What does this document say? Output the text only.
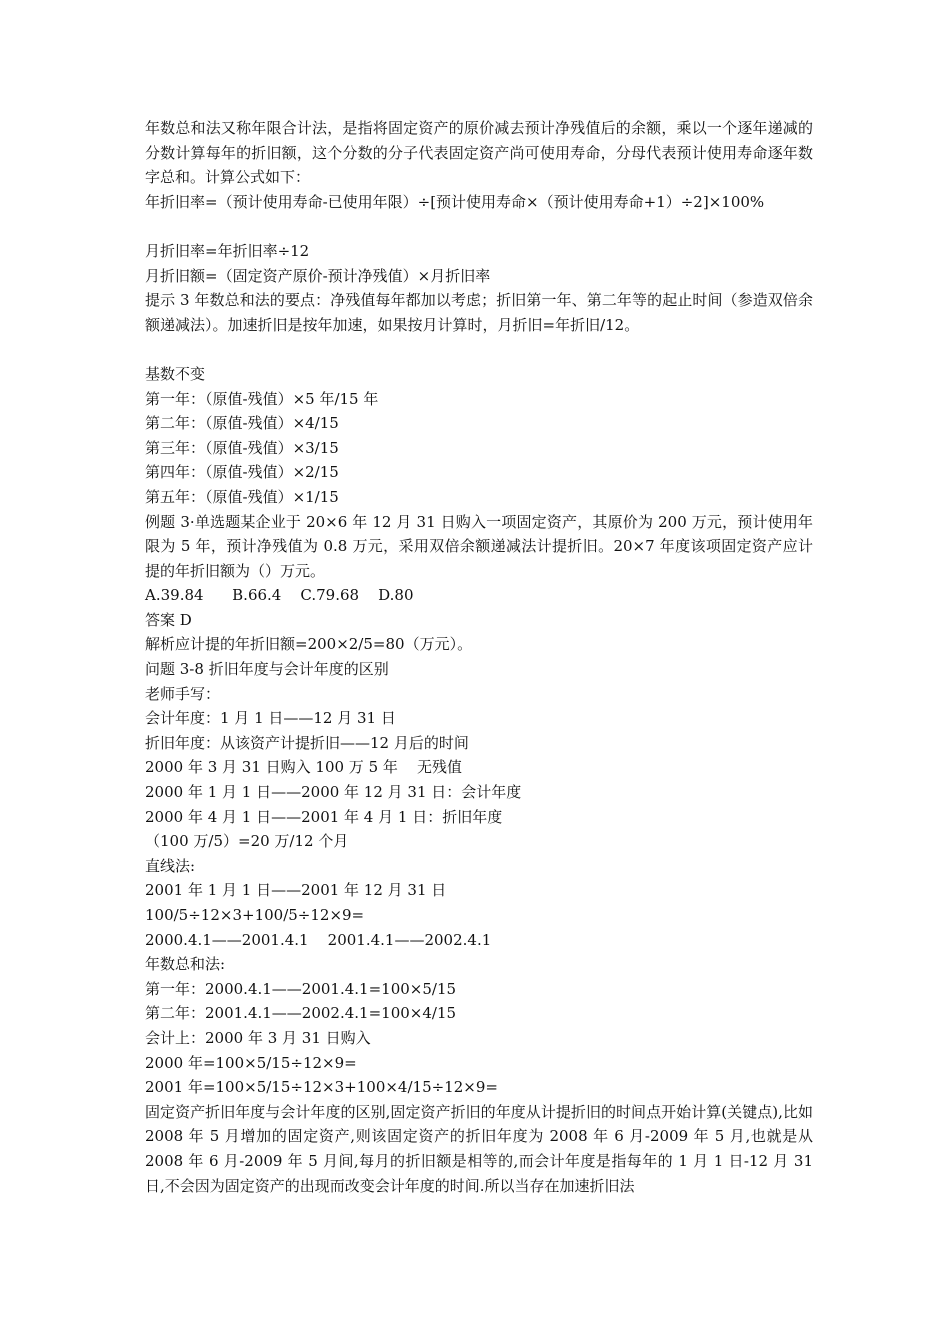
年数总和法又称年限合计法，是指将固定资产的原价减去预计净残值后的余额，乘以一个逐年递减的分数计算每年的折旧额，这个分数的分子代表固定资产尚可使用寿命，分母代表预计使用寿命逐年数字总和。计算公式如下：

年折旧率=（预计使用寿命-已使用年限）÷[预计使用寿命×（预计使用寿命+1）÷2]×100%

月折旧率=年折旧率÷12

月折旧额=（固定资产原价-预计净残值）×月折旧率

提示 3 年数总和法的要点：净残值每年都加以考虑；折旧第一年、第二年等的起止时间（参造双倍余额递减法）。加速折旧是按年加速，如果按月计算时，月折旧=年折旧/12。

基数不变

第一年：（原值-残值）×5 年/15 年

第二年：（原值-残值）×4/15

第三年：（原值-残值）×3/15

第四年：（原值-残值）×2/15

第五年：（原值-残值）×1/15

例题 3·单选题某企业于 20×6 年 12 月 31 日购入一项固定资产，其原价为 200 万元，预计使用年限为 5 年，预计净残值为 0.8 万元，采用双倍余额递减法计提折旧。20×7 年度该项固定资产应计提的年折旧额为（）万元。

A.39.84      B.66.4    C.79.68    D.80

答案 D

解析应计提的年折旧额=200×2/5=80（万元）。

问题 3-8 折旧年度与会计年度的区别

老师手写：

会计年度：1 月 1 日——12 月 31 日

折旧年度：从该资产计提折旧——12 月后的时间

2000 年 3 月 31 日购入 100 万 5 年    无残值

2000 年 1 月 1 日——2000 年 12 月 31 日：会计年度

2000 年 4 月 1 日——2001 年 4 月 1 日：折旧年度

（100 万/5）=20 万/12 个月

直线法:

2001 年 1 月 1 日——2001 年 12 月 31 日

100/5÷12×3+100/5÷12×9=

2000.4.1——2001.4.1    2001.4.1——2002.4.1

年数总和法:

第一年：2000.4.1——2001.4.1=100×5/15

第二年：2001.4.1——2002.4.1=100×4/15

会计上：2000 年 3 月 31 日购入

2000 年=100×5/15÷12×9=

2001 年=100×5/15÷12×3+100×4/15÷12×9=

固定资产折旧年度与会计年度的区别,固定资产折旧的年度从计提折旧的时间点开始计算(关键点),比如 2008 年 5 月增加的固定资产,则该固定资产的折旧年度为 2008 年 6 月-2009 年 5 月,也就是从 2008 年 6 月-2009 年 5 月间,每月的折旧额是相等的,而会计年度是指每年的 1 月 1 日-12 月 31 日,不会因为固定资产的出现而改变会计年度的时间.所以当存在加速折旧法
